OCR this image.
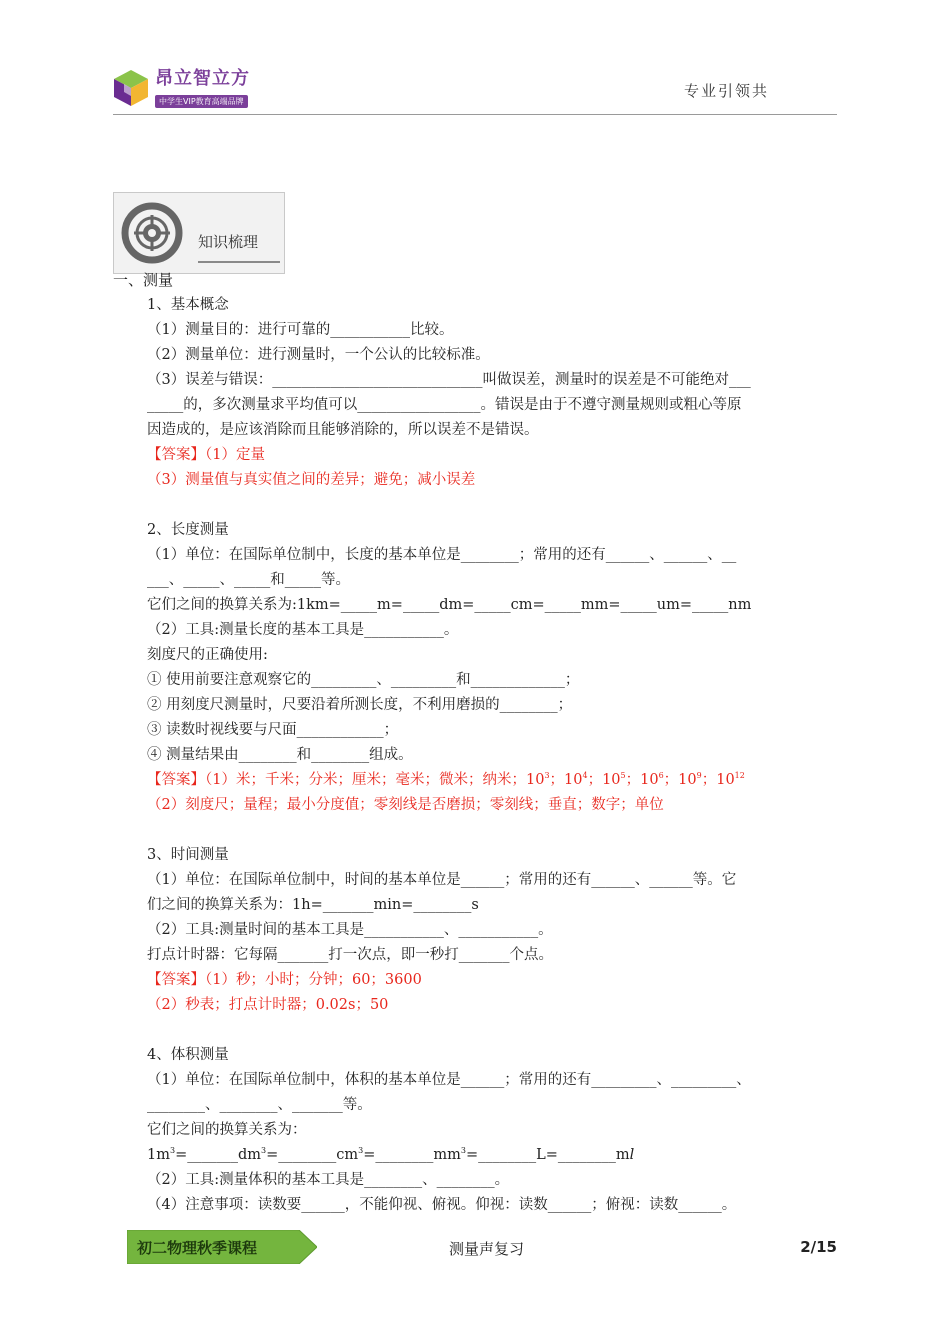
昂立智立方
中学生VIP教育高端品牌
专业引领共
知识梳理

一、测量

1、基本概念

（1）测量目的：进行可靠的___________比较。

（2）测量单位：进行测量时，一个公认的比较标准。

（3）误差与错误：_____________________________叫做误差，测量时的误差是不可能绝对___

_____的，多次测量求平均值可以_________________。错误是由于不遵守测量规则或粗心等原

因造成的，是应该消除而且能够消除的，所以误差不是错误。

【答案】（1）定量

（3）测量值与真实值之间的差异；避免；减小误差

2、长度测量

（1）单位：在国际单位制中，长度的基本单位是________；常用的还有______、______、__

___、_____、_____和_____等。

它们之间的换算关系为:1km=_____m=_____dm=_____cm=_____mm=_____um=_____nm

（2）工具:测量长度的基本工具是___________。

刻度尺的正确使用:

① 使用前要注意观察它的_________、_________和_____________；

② 用刻度尺测量时，尺要沿着所测长度，不利用磨损的________；

③ 读数时视线要与尺面____________；

④ 测量结果由________和________组成。

【答案】（1）米；千米；分米；厘米；毫米；微米；纳米；$10^3$；$10^4$；$10^5$；$10^6$；$10^9$；$10^{12}$

（2）刻度尺；量程；最小分度值；零刻线是否磨损；零刻线；垂直；数字；单位

3、时间测量

（1）单位：在国际单位制中，时间的基本单位是______；常用的还有______、______等。它

们之间的换算关系为：1h=_______min=________s

（2）工具:测量时间的基本工具是___________、___________。

打点计时器：它每隔_______打一次点，即一秒打_______个点。

【答案】（1）秒；小时；分钟；60；3600

（2）秒表；打点计时器；0.02s；50

4、体积测量

（1）单位：在国际单位制中，体积的基本单位是______；常用的还有_________、_________、

________、________、_______等。

它们之间的换算关系为：

$1m^3=\_\_\_\_\_\_\_dm^3=\_\_\_\_\_\_\_\_cm^3=\_\_\_\_\_\_\_\_mm^3=\_\_\_\_\_\_\_\_L=\_\_\_\_\_\_\_\_ml$

（2）工具:测量体积的基本工具是________、________。

（4）注意事项：读数要______，不能仰视、俯视。仰视：读数______；俯视：读数______。

初二物理秋季课程	测量声复习	2/15
